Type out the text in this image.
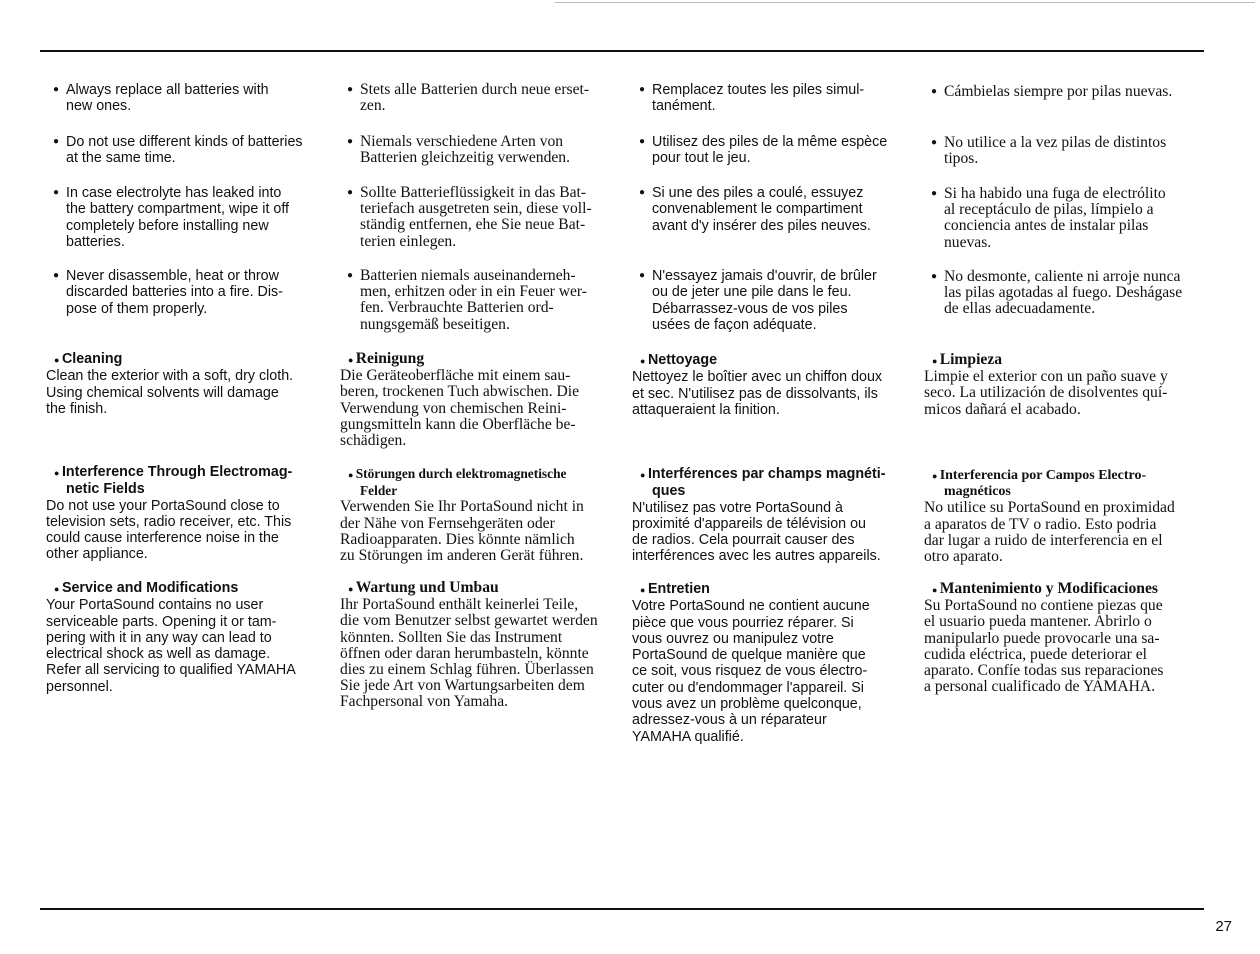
● Always replace all batteries with
new ones.
● Do not use different kinds of batteries
at the same time.
● In case electrolyte has leaked into
the battery compartment, wipe it off
completely before installing new
batteries.
● Never disassemble, heat or throw
discarded batteries into a fire. Dis-
pose of them properly.
● Cleaning
Clean the exterior with a soft, dry cloth.
Using chemical solvents will damage
the finish.
● Interference Through Electromag-
netic Fields
Do not use your PortaSound close to
television sets, radio receiver, etc. This
could cause interference noise in the
other appliance.
● Service and Modifications
Your PortaSound contains no user
serviceable parts. Opening it or tam-
pering with it in any way can lead to
electrical shock as well as damage.
Refer all servicing to qualified YAMAHA
personnel.
● Stets alle Batterien durch neue erset-
zen.
● Niemals verschiedene Arten von
Batterien gleichzeitig verwenden.
● Sollte Batterieflüssigkeit in das Bat-
teriefach ausgetreten sein, diese voll-
ständig entfernen, ehe Sie neue Bat-
terien einlegen.
● Batterien niemals auseinanderneh-
men, erhitzen oder in ein Feuer wer-
fen. Verbrauchte Batterien ord-
nungsgemäß beseitigen.
● Reinigung
Die Geräteoberfläche mit einem sau-
beren, trockenen Tuch abwischen. Die
Verwendung von chemischen Reini-
gungsmitteln kann die Oberfläche be-
schädigen.
● Störungen durch elektromagnetische
Felder
Verwenden Sie Ihr PortaSound nicht in
der Nähe von Fernsehgeräten oder
Radioapparaten. Dies könnte nämlich
zu Störungen im anderen Gerät führen.
● Wartung und Umbau
Ihr PortaSound enthält keinerlei Teile,
die vom Benutzer selbst gewartet werden
könnten. Sollten Sie das Instrument
öffnen oder daran herumbasteln, könnte
dies zu einem Schlag führen. Überlassen
Sie jede Art von Wartungsarbeiten dem
Fachpersonal von Yamaha.
● Remplacez toutes les piles simul-
tanément.
● Utilisez des piles de la même espèce
pour tout le jeu.
● Si une des piles a coulé, essuyez
convenablement le compartiment
avant d'y insérer des piles neuves.
● N'essayez jamais d'ouvrir, de brûler
ou de jeter une pile dans le feu.
Débarrassez-vous de vos piles
usées de façon adéquate.
● Nettoyage
Nettoyez le boîtier avec un chiffon doux
et sec. N'utilisez pas de dissolvants, ils
attaqueraient la finition.
● Interférences par champs magnéti-
ques
N'utilisez pas votre PortaSound à
proximité d'appareils de télévision ou
de radios. Cela pourrait causer des
interférences avec les autres appareils.
● Entretien
Votre PortaSound ne contient aucune
pièce que vous pourriez réparer. Si
vous ouvrez ou manipulez votre
PortaSound de quelque manière que
ce soit, vous risquez de vous électro-
cuter ou d'endommager l'appareil. Si
vous avez un problème quelconque,
adressez-vous à un réparateur
YAMAHA qualifié.
● Cámbielas siempre por pilas nuevas.
● No utilice a la vez pilas de distintos
tipos.
● Si ha habido una fuga de electrólito
al receptáculo de pilas, límpielo a
conciencia antes de instalar pilas
nuevas.
● No desmonte, caliente ni arroje nunca
las pilas agotadas al fuego. Deshágase
de ellas adecuadamente.
● Limpieza
Limpie el exterior con un paño suave y
seco. La utilización de disolventes quí-
micos dañará el acabado.
● Interferencia por Campos Electro-
magnéticos
No utilice su PortaSound en proximidad
a aparatos de TV o radio. Esto podria
dar lugar a ruido de interferencia en el
otro aparato.
● Mantenimiento y Modificaciones
Su PortaSound no contiene piezas que
el usuario pueda mantener. Abrirlo o
manipularlo puede provocarle una sa-
cudida eléctrica, puede deteriorar el
aparato. Confíe todas sus reparaciones
a personal cualificado de YAMAHA.
27
